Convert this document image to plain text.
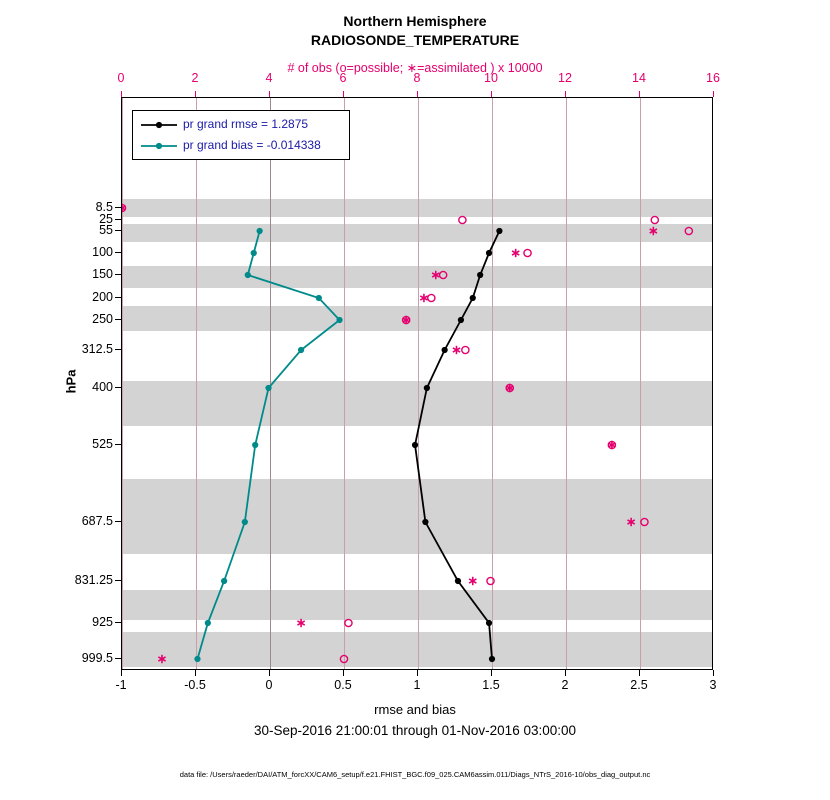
Northern Hemisphere
RADIOSONDE_TEMPERATURE
# of obs (o=possible; ∗=assimilated ) x 10000
hPa
rmse and bias
30-Sep-2016 21:00:01 through 01-Nov-2016 03:00:00
data file: /Users/raeder/DAI/ATM_forcXX/CAM6_setup/f.e21.FHIST_BGC.f09_025.CAM6assim.011/Diags_NTrS_2016-10/obs_diag_output.nc
pr grand rmse = 1.2875
pr grand bias = -0.014338
-1	-0.5	0	0.5	1	1.5	2	2.5	3
0	2	4	6	8	10	12	14	16
8.5
25
55
100
150
200
250
312.5
400
525
687.5
831.25
925
999.5
